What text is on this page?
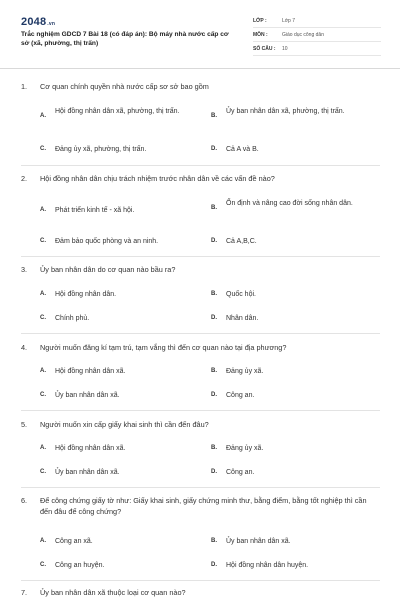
2048.vn
Trắc nghiệm GDCD 7 Bài 18 (có đáp án): Bộ máy nhà nước cấp cơ sở (xã, phường, thị trấn)
LỚP :	Lớp 7
MÔN :	Giáo dục công dân
SỐ CÂU :	10
1.	Cơ quan chính quyền nhà nước cấp sơ sở bao gồm
A.
Hội đồng nhân dân xã, phường, thị trấn.
B.
Ủy ban nhân dân xã, phường, thị trấn.
C. Đảng ủy xã, phường, thị trấn.	D. Cả A và B.
2.	Hội đồng nhân dân chịu trách nhiệm trước nhân dân về các vấn đề nào?
A. Phát triển kinh tế - xã hội.	B.
Ổn định và nâng cao đời sống nhân dân.
C. Đảm bảo quốc phòng và an ninh.	D. Cả A,B,C.
3.	Ủy ban nhân dân do cơ quan nào bầu ra?
A. Hội đồng nhân dân.	B. Quốc hội.
C. Chính phủ.	D. Nhân dân.
4.	Người muốn đăng kí tạm trú, tạm vắng thì đến cơ quan nào tại địa phương?
A. Hội đồng nhân dân xã.	B. Đảng ủy xã.
C. Ủy ban nhân dân xã.	D. Công an.
5.	Người muốn xin cấp giấy khai sinh thì cần đến đâu?
A. Hội đồng nhân dân xã.	B. Đảng ủy xã.
C. Ủy ban nhân dân xã.	D. Công an.
6.	Để công chứng giấy tờ như: Giấy khai sinh, giấy chứng minh thư, bằng điểm, bằng tốt nghiệp thì cần đến đâu để công chứng?
A. Công an xã.	B. Ủy ban nhân dân xã.
C. Công an huyện.	D. Hội đồng nhân dân huyện.
7.	Ủy ban nhân dân xã thuộc loại cơ quan nào?
